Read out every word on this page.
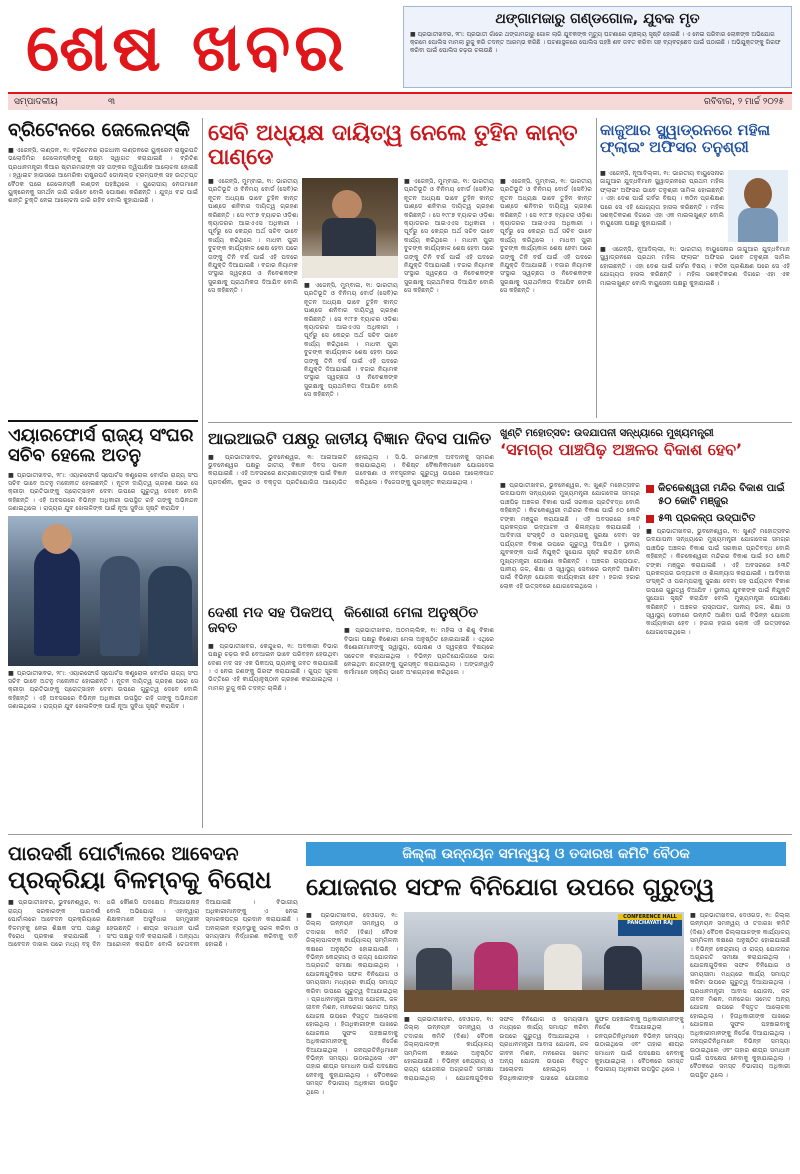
ଶେଷ ଖବର	ଥଙ୍ଗାମଜାରୁ ଗଣ୍ଡଗୋଳ, ଯୁବକ ମୃତ

■ ପ୍ରଭାତୀଖବର, ୨୮ା: ପ୍ରଭାତୀ ଗାଁରେ ଥଙ୍ଗାମଜାରୁ ଗୋଳ ଲାଗି ଯୁବକଙ୍କ ମୃତ୍ୟୁ ଘଟଣାରେ ଚାଞ୍ଚଲ୍ୟ ସୃଷ୍ଟି ହୋଇଛି । ଏ ନେଇ ପରିବାର ଲୋକଙ୍କ ଅଭିଯୋଗ କ୍ରମେ ପୋଲିସ ମାମଲା ରୁଜୁ କରି ତଦନ୍ତ ଆରମ୍ଭ କରିଛି । ଘଟଣାସ୍ଥଳରେ ପୋଲିସ ପହଞ୍ଚି ଶବ ଜବତ କରିବା ସହ ବ୍ୟବଚ୍ଛେଦ ପାଇଁ ପଠାଇଛି । ଅଭିଯୁକ୍ତଙ୍କୁ ଗିରଫ କରିବା ପାଇଁ ପୋଲିସ ଚଢ଼ଉ ଚଳାଉଛି ।

ସମ୍ପାଦକୀୟ	୩	ରବିବାର, ୨ ମାର୍ଚ୍ଚ ୨୦୨୫
ବ୍ରିଟେନରେ ଜେଲେନସ୍କି
■ ଏଜେନ୍ସି, ଲଣ୍ଡନ, ୧ା: ବ୍ରିଟେନର ରାଜଧାନୀ ଲଣ୍ଡନରେ ୟୁକ୍ରେନ ରାଷ୍ଟ୍ରପତି ଭଲୋଦିମିର ଜେଲେନସ୍କିଙ୍କୁ ଉଷ୍ମ ସ୍ୱାଗତ କରାଯାଇଛି । ବ୍ରିଟିଶ ପ୍ରଧାନମନ୍ତ୍ରୀ କିଆର ଷ୍ଟାରମରଙ୍କ ସହ ତାଙ୍କର ଦ୍ୱିପାକ୍ଷିକ ଆଲୋଚନା ହୋଇଛି । ହ୍ୱାଇଟ ହାଉସରେ ଆମେରିକା ରାଷ୍ଟ୍ରପତି ଡୋନାଲ୍ଡ ଟ୍ରମ୍ପଙ୍କ ସହ ଉତ୍ତପ୍ତ ବୈଠକ ପରେ ଜେଲେନସ୍କି ଲଣ୍ଡନ ପହଞ୍ଚିଥିଲେ । ୟୁରୋପୀୟ ନେତାମାନେ ୟୁକ୍ରେନକୁ ସମର୍ଥନ ଜାରି ରଖିବେ ବୋଲି ଘୋଷଣା କରିଛନ୍ତି । ଯୁଦ୍ଧ ବନ୍ଦ ପାଇଁ ଶାନ୍ତି ଚୁକ୍ତି ନେଇ ଆଲୋଚନା ଜାରି ରହିବ ବୋଲି କୁହାଯାଇଛି ।
ଏୟାରଫୋର୍ସ ରାଜ୍ୟ ସଂଘର ସଚିବ ହେଲେ ଅତନୁ
■ ପ୍ରଭାତୀଖବର, ୨୮ା: ଏୟାରଫୋର୍ସ ସ୍ପୋର୍ଟସ କଣ୍ଟ୍ରୋଲ ବୋର୍ଡର ରାଜ୍ୟ ସଂଘ ସଚିବ ଭାବେ ଅତନୁ ମନୋନୀତ ହୋଇଛନ୍ତି । ନୂତନ ଦାୟିତ୍ୱ ଗ୍ରହଣ ପରେ ସେ କ୍ରୀଡ଼ା ପ୍ରତିଭାଙ୍କୁ ପ୍ରୋତ୍ସାହନ ଦେବା ଉପରେ ଗୁରୁତ୍ୱ ଦେବେ ବୋଲି କହିଛନ୍ତି । ଏହି ଅବସରରେ ବିଭିନ୍ନ ଅଧିକାରୀ ଉପସ୍ଥିତ ରହି ତାଙ୍କୁ ଅଭିନନ୍ଦନ ଜଣାଇଥିଲେ । ରାଜ୍ୟର ଯୁବ ଖେଳାଳିଙ୍କ ପାଇଁ ନୂଆ ସୁବିଧା ସୃଷ୍ଟି କରାଯିବ ।
■ ପ୍ରଭାତୀଖବର, ୨୮ା: ଏୟାରଫୋର୍ସ ସ୍ପୋର୍ଟସ କଣ୍ଟ୍ରୋଲ ବୋର୍ଡର ରାଜ୍ୟ ସଂଘ ସଚିବ ଭାବେ ଅତନୁ ମନୋନୀତ ହୋଇଛନ୍ତି । ନୂତନ ଦାୟିତ୍ୱ ଗ୍ରହଣ ପରେ ସେ କ୍ରୀଡ଼ା ପ୍ରତିଭାଙ୍କୁ ପ୍ରୋତ୍ସାହନ ଦେବା ଉପରେ ଗୁରୁତ୍ୱ ଦେବେ ବୋଲି କହିଛନ୍ତି । ଏହି ଅବସରରେ ବିଭିନ୍ନ ଅଧିକାରୀ ଉପସ୍ଥିତ ରହି ତାଙ୍କୁ ଅଭିନନ୍ଦନ ଜଣାଇଥିଲେ । ରାଜ୍ୟର ଯୁବ ଖେଳାଳିଙ୍କ ପାଇଁ ନୂଆ ସୁବିଧା ସୃଷ୍ଟି କରାଯିବ ।
ସେବି ଅଧ୍ୟକ୍ଷ ଦାୟିତ୍ୱ ନେଲେ ତୁହିନ କାନ୍ତ ପାଣ୍ଡେ
■ ଏଜେନ୍ସି, ମୁମ୍ବାଇ, ୧ା: ଭାରତୀୟ ପ୍ରତିଭୂତି ଓ ବିନିମୟ ବୋର୍ଡ (ସେବି)ର ନୂତନ ଅଧ୍ୟକ୍ଷ ଭାବେ ତୁହିନ କାନ୍ତ ପାଣ୍ଡେ ଶନିବାର ଦାୟିତ୍ୱ ଗ୍ରହଣ କରିଛନ୍ତି । ସେ ୧୯୮୭ ବ୍ୟାଚର ଓଡ଼ିଶା କ୍ୟାଡରର ଆଇଏଏସ ଅଧିକାରୀ । ପୂର୍ବରୁ ସେ କେନ୍ଦ୍ର ଅର୍ଥ ସଚିବ ଭାବେ କାର୍ଯ୍ୟ କରିଥିଲେ । ମାଧବୀ ପୁରୀ ବୁଚଙ୍କ କାର୍ଯ୍ୟକାଳ ଶେଷ ହେବା ପରେ ତାଙ୍କୁ ତିନି ବର୍ଷ ପାଇଁ ଏହି ପଦରେ ନିଯୁକ୍ତି ଦିଆଯାଇଛି । ବଜାର ନିୟାମକ ସଂସ୍ଥାର ସ୍ୱଚ୍ଛତା ଓ ନିବେଶକଙ୍କ ସୁରକ୍ଷାକୁ ପ୍ରାଥମିକତା ଦିଆଯିବ ବୋଲି ସେ କହିଛନ୍ତି ।
■ ଏଜେନ୍ସି, ମୁମ୍ବାଇ, ୧ା: ଭାରତୀୟ ପ୍ରତିଭୂତି ଓ ବିନିମୟ ବୋର୍ଡ (ସେବି)ର ନୂତନ ଅଧ୍ୟକ୍ଷ ଭାବେ ତୁହିନ କାନ୍ତ ପାଣ୍ଡେ ଶନିବାର ଦାୟିତ୍ୱ ଗ୍ରହଣ କରିଛନ୍ତି । ସେ ୧୯୮୭ ବ୍ୟାଚର ଓଡ଼ିଶା କ୍ୟାଡରର ଆଇଏଏସ ଅଧିକାରୀ । ପୂର୍ବରୁ ସେ କେନ୍ଦ୍ର ଅର୍ଥ ସଚିବ ଭାବେ କାର୍ଯ୍ୟ କରିଥିଲେ । ମାଧବୀ ପୁରୀ ବୁଚଙ୍କ କାର୍ଯ୍ୟକାଳ ଶେଷ ହେବା ପରେ ତାଙ୍କୁ ତିନି ବର୍ଷ ପାଇଁ ଏହି ପଦରେ ନିଯୁକ୍ତି ଦିଆଯାଇଛି । ବଜାର ନିୟାମକ ସଂସ୍ଥାର ସ୍ୱଚ୍ଛତା ଓ ନିବେଶକଙ୍କ ସୁରକ୍ଷାକୁ ପ୍ରାଥମିକତା ଦିଆଯିବ ବୋଲି ସେ କହିଛନ୍ତି ।
■ ଏଜେନ୍ସି, ମୁମ୍ବାଇ, ୧ା: ଭାରତୀୟ ପ୍ରତିଭୂତି ଓ ବିନିମୟ ବୋର୍ଡ (ସେବି)ର ନୂତନ ଅଧ୍ୟକ୍ଷ ଭାବେ ତୁହିନ କାନ୍ତ ପାଣ୍ଡେ ଶନିବାର ଦାୟିତ୍ୱ ଗ୍ରହଣ କରିଛନ୍ତି । ସେ ୧୯୮୭ ବ୍ୟାଚର ଓଡ଼ିଶା କ୍ୟାଡରର ଆଇଏଏସ ଅଧିକାରୀ । ପୂର୍ବରୁ ସେ କେନ୍ଦ୍ର ଅର୍ଥ ସଚିବ ଭାବେ କାର୍ଯ୍ୟ କରିଥିଲେ । ମାଧବୀ ପୁରୀ ବୁଚଙ୍କ କାର୍ଯ୍ୟକାଳ ଶେଷ ହେବା ପରେ ତାଙ୍କୁ ତିନି ବର୍ଷ ପାଇଁ ଏହି ପଦରେ ନିଯୁକ୍ତି ଦିଆଯାଇଛି । ବଜାର ନିୟାମକ ସଂସ୍ଥାର ସ୍ୱଚ୍ଛତା ଓ ନିବେଶକଙ୍କ ସୁରକ୍ଷାକୁ ପ୍ରାଥମିକତା ଦିଆଯିବ ବୋଲି ସେ କହିଛନ୍ତି ।
■ ଏଜେନ୍ସି, ମୁମ୍ବାଇ, ୧ା: ଭାରତୀୟ ପ୍ରତିଭୂତି ଓ ବିନିମୟ ବୋର୍ଡ (ସେବି)ର ନୂତନ ଅଧ୍ୟକ୍ଷ ଭାବେ ତୁହିନ କାନ୍ତ ପାଣ୍ଡେ ଶନିବାର ଦାୟିତ୍ୱ ଗ୍ରହଣ କରିଛନ୍ତି । ସେ ୧୯୮୭ ବ୍ୟାଚର ଓଡ଼ିଶା କ୍ୟାଡରର ଆଇଏଏସ ଅଧିକାରୀ । ପୂର୍ବରୁ ସେ କେନ୍ଦ୍ର ଅର୍ଥ ସଚିବ ଭାବେ କାର୍ଯ୍ୟ କରିଥିଲେ । ମାଧବୀ ପୁରୀ ବୁଚଙ୍କ କାର୍ଯ୍ୟକାଳ ଶେଷ ହେବା ପରେ ତାଙ୍କୁ ତିନି ବର୍ଷ ପାଇଁ ଏହି ପଦରେ ନିଯୁକ୍ତି ଦିଆଯାଇଛି । ବଜାର ନିୟାମକ ସଂସ୍ଥାର ସ୍ୱଚ୍ଛତା ଓ ନିବେଶକଙ୍କ ସୁରକ୍ଷାକୁ ପ୍ରାଥମିକତା ଦିଆଯିବ ବୋଲି ସେ କହିଛନ୍ତି ।
କାଜୁଆର ସ୍କ୍ୱାଡ୍ରନରେ ମହିଳା ଫ୍ଲାଇଂ ଅଫିସର ତନୁଶ୍ରୀ
■ ଏଜେନ୍ସି, ନୂଆଦିଲ୍ଲୀ, ୧ା: ଭାରତୀୟ ବାୟୁସେନାର ଜାଗୁଆର ଯୁଦ୍ଧବିମାନ ସ୍କ୍ୱାଡ୍ରନରେ ପ୍ରଥମ ମହିଳା ଫ୍ଲାଇଂ ଅଫିସର ଭାବେ ତନୁଶ୍ରୀ ସାମିଲ ହୋଇଛନ୍ତି । ଏହା ଦେଶ ପାଇଁ ଗର୍ବର ବିଷୟ । କଠିନ ପ୍ରଶିକ୍ଷଣ ପରେ ସେ ଏହି ଯୋଗ୍ୟତା ହାସଲ କରିଛନ୍ତି । ମହିଳା ସଶକ୍ତିକରଣ ଦିଗରେ ଏହା ଏକ ମାଇଲଖୁଣ୍ଟ ବୋଲି ବାୟୁସେନା ପକ୍ଷରୁ କୁହାଯାଇଛି ।
■ ଏଜେନ୍ସି, ନୂଆଦିଲ୍ଲୀ, ୧ା: ଭାରତୀୟ ବାୟୁସେନାର ଜାଗୁଆର ଯୁଦ୍ଧବିମାନ ସ୍କ୍ୱାଡ୍ରନରେ ପ୍ରଥମ ମହିଳା ଫ୍ଲାଇଂ ଅଫିସର ଭାବେ ତନୁଶ୍ରୀ ସାମିଲ ହୋଇଛନ୍ତି । ଏହା ଦେଶ ପାଇଁ ଗର୍ବର ବିଷୟ । କଠିନ ପ୍ରଶିକ୍ଷଣ ପରେ ସେ ଏହି ଯୋଗ୍ୟତା ହାସଲ କରିଛନ୍ତି । ମହିଳା ସଶକ୍ତିକରଣ ଦିଗରେ ଏହା ଏକ ମାଇଲଖୁଣ୍ଟ ବୋଲି ବାୟୁସେନା ପକ୍ଷରୁ କୁହାଯାଇଛି ।
ଆଇଆଇଟି ପକ୍ଷରୁ ଜାତୀୟ ବିଜ୍ଞାନ ଦିବସ ପାଳିତ
■ ପ୍ରଭାତୀଖବର, ଭୁବନେଶ୍ୱର, ୧ା: ଆଇଆଇଟି ଭୁବନେଶ୍ୱର ପକ୍ଷରୁ ଜାତୀୟ ବିଜ୍ଞାନ ଦିବସ ପାଳନ କରାଯାଇଛି । ଏହି ଅବସରରେ ଛାତ୍ରଛାତ୍ରୀଙ୍କ ପାଇଁ ବିଜ୍ଞାନ ପ୍ରଦର୍ଶନୀ, କୁଇଜ ଓ ବକ୍ତୃତା ପ୍ରତିଯୋଗିତା ଆୟୋଜିତ ହୋଇଥିଲା । ସି.ଭି. ରମଣଙ୍କ ଅବଦାନକୁ ସ୍ମରଣ କରାଯାଇଥିଲା । ବିଶିଷ୍ଟ ବୈଜ୍ଞାନିକମାନେ ଯୋଗଦେଇ ଗବେଷଣା ଓ ନବସୃଜନର ଗୁରୁତ୍ୱ ଉପରେ ଆଲୋକପାତ କରିଥିଲେ । ବିଜେତାଙ୍କୁ ପୁରସ୍କୃତ କରାଯାଇଥିଲା ।
ଖୁଣ୍ଟି ମହୋତ୍ସବ: ଉଦଯାପନୀ ସନ୍ଧ୍ୟାରେ ମୁଖ୍ୟମନ୍ତ୍ରୀ
‘ସମଗ୍ର ପାଞ୍ଚପିଢ଼ ଅଞ୍ଚଳର ବିକାଶ ହେବ’
■ ପ୍ରଭାତୀଖବର, ଭୁବନେଶ୍ୱର, ୧ା: ଖୁଣ୍ଟି ମହୋତ୍ସବର ଉଦଯାପନୀ ସନ୍ଧ୍ୟାରେ ମୁଖ୍ୟମନ୍ତ୍ରୀ ଯୋଗଦେଇ ସମଗ୍ର ପାଞ୍ଚପିଢ଼ ଅଞ୍ଚଳର ବିକାଶ ପାଇଁ ସରକାର ପ୍ରତିବଦ୍ଧ ବୋଲି କହିଛନ୍ତି । କିଚକେଶ୍ୱରୀ ମନ୍ଦିରର ବିକାଶ ପାଇଁ ୫୦ କୋଟି ଟଙ୍କା ମଞ୍ଜୁର କରାଯାଇଛି । ଏହି ଅବସରରେ ୫୩ଟି ପ୍ରକଳ୍ପର ଉଦ୍‌ଘାଟନ ଓ ଶିଳାନ୍ୟାସ କରାଯାଇଛି । ଆଦିବାସୀ ସଂସ୍କୃତି ଓ ପରମ୍ପରାକୁ ସୁରକ୍ଷା ଦେବା ସହ ପର୍ଯ୍ୟଟନ ବିକାଶ ଉପରେ ଗୁରୁତ୍ୱ ଦିଆଯିବ । ସ୍ଥାନୀୟ ଯୁବକଙ୍କ ପାଇଁ ନିଯୁକ୍ତି ସୁଯୋଗ ସୃଷ୍ଟି କରାଯିବ ବୋଲି ମୁଖ୍ୟମନ୍ତ୍ରୀ ଘୋଷଣା କରିଛନ୍ତି । ଅଞ୍ଚଳର ରାସ୍ତାଘାଟ, ପାନୀୟ ଜଳ, ଶିକ୍ଷା ଓ ସ୍ୱାସ୍ଥ୍ୟ ସେବାରେ ଉନ୍ନତି ଆଣିବା ପାଇଁ ବିଭିନ୍ନ ଯୋଜନା କାର୍ଯ୍ୟକାରୀ ହେବ । ହଜାର ହଜାର ଲୋକ ଏହି ଉତ୍ସବରେ ଯୋଗଦେଇଥିଲେ ।
କିଚକେଶ୍ୱରୀ ମନ୍ଦିର ବିକାଶ ପାଇଁ ୫୦ କୋଟି ମଞ୍ଜୁର
୫୩ ପ୍ରକଳ୍ପ ଉଦ୍‌ଘାଟିତ
■ ପ୍ରଭାତୀଖବର, ଭୁବନେଶ୍ୱର, ୧ା: ଖୁଣ୍ଟି ମହୋତ୍ସବର ଉଦଯାପନୀ ସନ୍ଧ୍ୟାରେ ମୁଖ୍ୟମନ୍ତ୍ରୀ ଯୋଗଦେଇ ସମଗ୍ର ପାଞ୍ଚପିଢ଼ ଅଞ୍ଚଳର ବିକାଶ ପାଇଁ ସରକାର ପ୍ରତିବଦ୍ଧ ବୋଲି କହିଛନ୍ତି । କିଚକେଶ୍ୱରୀ ମନ୍ଦିରର ବିକାଶ ପାଇଁ ୫୦ କୋଟି ଟଙ୍କା ମଞ୍ଜୁର କରାଯାଇଛି । ଏହି ଅବସରରେ ୫୩ଟି ପ୍ରକଳ୍ପର ଉଦ୍‌ଘାଟନ ଓ ଶିଳାନ୍ୟାସ କରାଯାଇଛି । ଆଦିବାସୀ ସଂସ୍କୃତି ଓ ପରମ୍ପରାକୁ ସୁରକ୍ଷା ଦେବା ସହ ପର୍ଯ୍ୟଟନ ବିକାଶ ଉପରେ ଗୁରୁତ୍ୱ ଦିଆଯିବ । ସ୍ଥାନୀୟ ଯୁବକଙ୍କ ପାଇଁ ନିଯୁକ୍ତି ସୁଯୋଗ ସୃଷ୍ଟି କରାଯିବ ବୋଲି ମୁଖ୍ୟମନ୍ତ୍ରୀ ଘୋଷଣା କରିଛନ୍ତି । ଅଞ୍ଚଳର ରାସ୍ତାଘାଟ, ପାନୀୟ ଜଳ, ଶିକ୍ଷା ଓ ସ୍ୱାସ୍ଥ୍ୟ ସେବାରେ ଉନ୍ନତି ଆଣିବା ପାଇଁ ବିଭିନ୍ନ ଯୋଜନା କାର୍ଯ୍ୟକାରୀ ହେବ । ହଜାର ହଜାର ଲୋକ ଏହି ଉତ୍ସବରେ ଯୋଗଦେଇଥିଲେ ।
ଦେଶୀ ମଦ ସହ ପିକଅପ୍ ଜବତ
■ ପ୍ରଭାତୀଖବର, କେନ୍ଦୁଝର, ୧ା: ଅବକାରୀ ବିଭାଗ ପକ୍ଷରୁ ଚଢ଼ଉ କରି ବେଆଇନ ଭାବେ ପରିବହନ ହେଉଥିବା ଦେଶୀ ମଦ ସହ ଏକ ପିକଅପ୍ ଭ୍ୟାନକୁ ଜବତ କରାଯାଇଛି । ଏ ନେଇ ଜଣଙ୍କୁ ଗିରଫ କରାଯାଇଛି । ଗୁପ୍ତ ସୂଚନା ଭିତ୍ତିରେ ଏହି କାର୍ଯ୍ୟାନୁଷ୍ଠାନ ଗ୍ରହଣ କରାଯାଇଥିଲା । ମାମଲା ରୁଜୁ କରି ତଦନ୍ତ ଚାଲିଛି ।
କିଶୋରୀ ମେଳା ଅନୁଷ୍ଠିତ
■ ପ୍ରଭାତୀଖବର, ଅଠମଲ୍ଲିକ, ୧ା: ମହିଳା ଓ ଶିଶୁ ବିକାଶ ବିଭାଗ ପକ୍ଷରୁ କିଶୋରୀ ମେଳା ଅନୁଷ୍ଠିତ ହୋଇଯାଇଛି । ଏଥିରେ କିଶୋରୀମାନଙ୍କୁ ସ୍ୱାସ୍ଥ୍ୟ, ପୋଷଣ ଓ ସ୍ୱଚ୍ଛତା ବିଷୟରେ ସଚେତନ କରାଯାଇଥିଲା । ବିଭିନ୍ନ ପ୍ରତିଯୋଗିତାରେ ଭାଗ ନେଇଥିବା ଛାତ୍ରୀଙ୍କୁ ପୁରସ୍କୃତ କରାଯାଇଥିଲା । ଅଙ୍ଗନୱାଡ଼ି କର୍ମୀମାନେ ସକ୍ରିୟ ଭାବେ ଅଂଶଗ୍ରହଣ କରିଥିଲେ ।
ପାରଦର୍ଶୀ ପୋର୍ଟାଲରେ ଆବେଦନ
ପ୍ରକ୍ରିୟା ବିଳମ୍ବକୁ ବିରୋଧ
■ ପ୍ରଭାତୀଖବର, ଭୁବନେଶ୍ୱର, ୧ା: ରାଜ୍ୟ ସରକାରଙ୍କ ପାରଦର୍ଶୀ ପୋର୍ଟାଲରେ ଆବେଦନ ପ୍ରକ୍ରିୟାରେ ବିଳମ୍ବକୁ ନେଇ ଶିକ୍ଷକ ସଂଘ ପକ୍ଷରୁ ବିରୋଧ ପ୍ରକାଶ କରାଯାଇଛି । ଆବେଦନ ଦାଖଲ ପରେ ମଧ୍ୟ ବହୁ ଦିନ ଧରି କୌଣସି ପଦକ୍ଷେପ ନିଆଯାଉନାହିଁ ବୋଲି ଅଭିଯୋଗ । ଏହାଦ୍ୱାରା ଶିକ୍ଷକମାନେ ଅସୁବିଧାର ସମ୍ମୁଖୀନ ହେଉଛନ୍ତି । ଶୀଘ୍ର ସମାଧାନ ପାଇଁ ସଂଘ ପକ୍ଷରୁ ଦାବି କରାଯାଇଛି । ଅନ୍ୟଥା ଆନ୍ଦୋଳନ କରାଯିବ ବୋଲି ଚେତାବନୀ ଦିଆଯାଇଛି । ବିଭାଗୀୟ ଅଧିକାରୀମାନଙ୍କୁ ଏ ନେଇ ସ୍ମାରକପତ୍ର ପ୍ରଦାନ କରାଯାଇଛି । ଅନଲାଇନ ବ୍ୟବସ୍ଥାକୁ ସରଳ କରିବା ଓ ସମୟସୀମା ନିର୍ଦ୍ଧାରଣ କରିବାକୁ ଦାବି ହୋଇଛି ।
ଜିଲ୍ଲା ଉନ୍ନୟନ ସମନ୍ୱୟ ଓ ତଦାରଖ କମିଟି ବୈଠକ
ଯୋଜନାର ସଫଳ ବିନିଯୋଗ ଉପରେ ଗୁରୁତ୍ୱ
■ ପ୍ରଭାତୀଖବର, ଦେଓଗଡ଼, ୧ା: ଜିଲ୍ଲା ଉନ୍ନୟନ ସମନ୍ୱୟ ଓ ତଦାରଖ କମିଟି (ଦିଶା) ବୈଠକ ଜିଲ୍ଲାପାଳଙ୍କ କାର୍ଯ୍ୟାଳୟ ସମ୍ମିଳନୀ କକ୍ଷରେ ଅନୁଷ୍ଠିତ ହୋଇଯାଇଛି । ବିଭିନ୍ନ କେନ୍ଦ୍ରୀୟ ଓ ରାଜ୍ୟ ଯୋଜନାର ଅଗ୍ରଗତି ସମୀକ୍ଷା କରାଯାଇଥିଲା । ଯୋଜନାଗୁଡ଼ିକର ସଫଳ ବିନିଯୋଗ ଓ ସମୟସୀମା ମଧ୍ୟରେ କାର୍ଯ୍ୟ ସମାପ୍ତ କରିବା ଉପରେ ଗୁରୁତ୍ୱ ଦିଆଯାଇଥିଲା । ପ୍ରଧାନମନ୍ତ୍ରୀ ଆବାସ ଯୋଜନା, ଜଳ ଜୀବନ ମିଶନ, ମନରେଗା ସମେତ ଅନ୍ୟ ଯୋଜନା ଉପରେ ବିସ୍ତୃତ ଆଲୋଚନା ହୋଇଥିଲା । ହିତାଧିକାରୀଙ୍କ ପାଖରେ ଯୋଜନାର ସୁଫଳ ପହଞ୍ଚାଇବାକୁ ଅଧିକାରୀମାନଙ୍କୁ ନିର୍ଦ୍ଦେଶ ଦିଆଯାଇଥିଲା । ଜନପ୍ରତିନିଧିମାନେ ବିଭିନ୍ନ ସମସ୍ୟା ଉଠାଇଥିଲେ ଏବଂ ତାହାର ଶୀଘ୍ର ସମାଧାନ ପାଇଁ ପଦକ୍ଷେପ ନେବାକୁ କୁହାଯାଇଥିଲା । ବୈଠକରେ ସମସ୍ତ ବିଭାଗୀୟ ଅଧିକାରୀ ଉପସ୍ଥିତ ଥିଲେ ।
CONFERENCE HALL
PANCHAYATI RAJ
■ ପ୍ରଭାତୀଖବର, ଦେଓଗଡ଼, ୧ା: ଜିଲ୍ଲା ଉନ୍ନୟନ ସମନ୍ୱୟ ଓ ତଦାରଖ କମିଟି (ଦିଶା) ବୈଠକ ଜିଲ୍ଲାପାଳଙ୍କ କାର୍ଯ୍ୟାଳୟ ସମ୍ମିଳନୀ କକ୍ଷରେ ଅନୁଷ୍ଠିତ ହୋଇଯାଇଛି । ବିଭିନ୍ନ କେନ୍ଦ୍ରୀୟ ଓ ରାଜ୍ୟ ଯୋଜନାର ଅଗ୍ରଗତି ସମୀକ୍ଷା କରାଯାଇଥିଲା । ଯୋଜନାଗୁଡ଼ିକର ସଫଳ ବିନିଯୋଗ ଓ ସମୟସୀମା ମଧ୍ୟରେ କାର୍ଯ୍ୟ ସମାପ୍ତ କରିବା ଉପରେ ଗୁରୁତ୍ୱ ଦିଆଯାଇଥିଲା । ପ୍ରଧାନମନ୍ତ୍ରୀ ଆବାସ ଯୋଜନା, ଜଳ ଜୀବନ ମିଶନ, ମନରେଗା ସମେତ ଅନ୍ୟ ଯୋଜନା ଉପରେ ବିସ୍ତୃତ ଆଲୋଚନା ହୋଇଥିଲା । ହିତାଧିକାରୀଙ୍କ ପାଖରେ ଯୋଜନାର ସୁଫଳ ପହଞ୍ଚାଇବାକୁ ଅଧିକାରୀମାନଙ୍କୁ ନିର୍ଦ୍ଦେଶ ଦିଆଯାଇଥିଲା । ଜନପ୍ରତିନିଧିମାନେ ବିଭିନ୍ନ ସମସ୍ୟା ଉଠାଇଥିଲେ ଏବଂ ତାହାର ଶୀଘ୍ର ସମାଧାନ ପାଇଁ ପଦକ୍ଷେପ ନେବାକୁ କୁହାଯାଇଥିଲା । ବୈଠକରେ ସମସ୍ତ ବିଭାଗୀୟ ଅଧିକାରୀ ଉପସ୍ଥିତ ଥିଲେ ।
■ ପ୍ରଭାତୀଖବର, ଦେଓଗଡ଼, ୧ା: ଜିଲ୍ଲା ଉନ୍ନୟନ ସମନ୍ୱୟ ଓ ତଦାରଖ କମିଟି (ଦିଶା) ବୈଠକ ଜିଲ୍ଲାପାଳଙ୍କ କାର୍ଯ୍ୟାଳୟ ସମ୍ମିଳନୀ କକ୍ଷରେ ଅନୁଷ୍ଠିତ ହୋଇଯାଇଛି । ବିଭିନ୍ନ କେନ୍ଦ୍ରୀୟ ଓ ରାଜ୍ୟ ଯୋଜନାର ଅଗ୍ରଗତି ସମୀକ୍ଷା କରାଯାଇଥିଲା । ଯୋଜନାଗୁଡ଼ିକର ସଫଳ ବିନିଯୋଗ ଓ ସମୟସୀମା ମଧ୍ୟରେ କାର୍ଯ୍ୟ ସମାପ୍ତ କରିବା ଉପରେ ଗୁରୁତ୍ୱ ଦିଆଯାଇଥିଲା । ପ୍ରଧାନମନ୍ତ୍ରୀ ଆବାସ ଯୋଜନା, ଜଳ ଜୀବନ ମିଶନ, ମନରେଗା ସମେତ ଅନ୍ୟ ଯୋଜନା ଉପରେ ବିସ୍ତୃତ ଆଲୋଚନା ହୋଇଥିଲା । ହିତାଧିକାରୀଙ୍କ ପାଖରେ ଯୋଜନାର ସୁଫଳ ପହଞ୍ଚାଇବାକୁ ଅଧିକାରୀମାନଙ୍କୁ ନିର୍ଦ୍ଦେଶ ଦିଆଯାଇଥିଲା । ଜନପ୍ରତିନିଧିମାନେ ବିଭିନ୍ନ ସମସ୍ୟା ଉଠାଇଥିଲେ ଏବଂ ତାହାର ଶୀଘ୍ର ସମାଧାନ ପାଇଁ ପଦକ୍ଷେପ ନେବାକୁ କୁହାଯାଇଥିଲା । ବୈଠକରେ ସମସ୍ତ ବିଭାଗୀୟ ଅଧିକାରୀ ଉପସ୍ଥିତ ଥିଲେ ।
